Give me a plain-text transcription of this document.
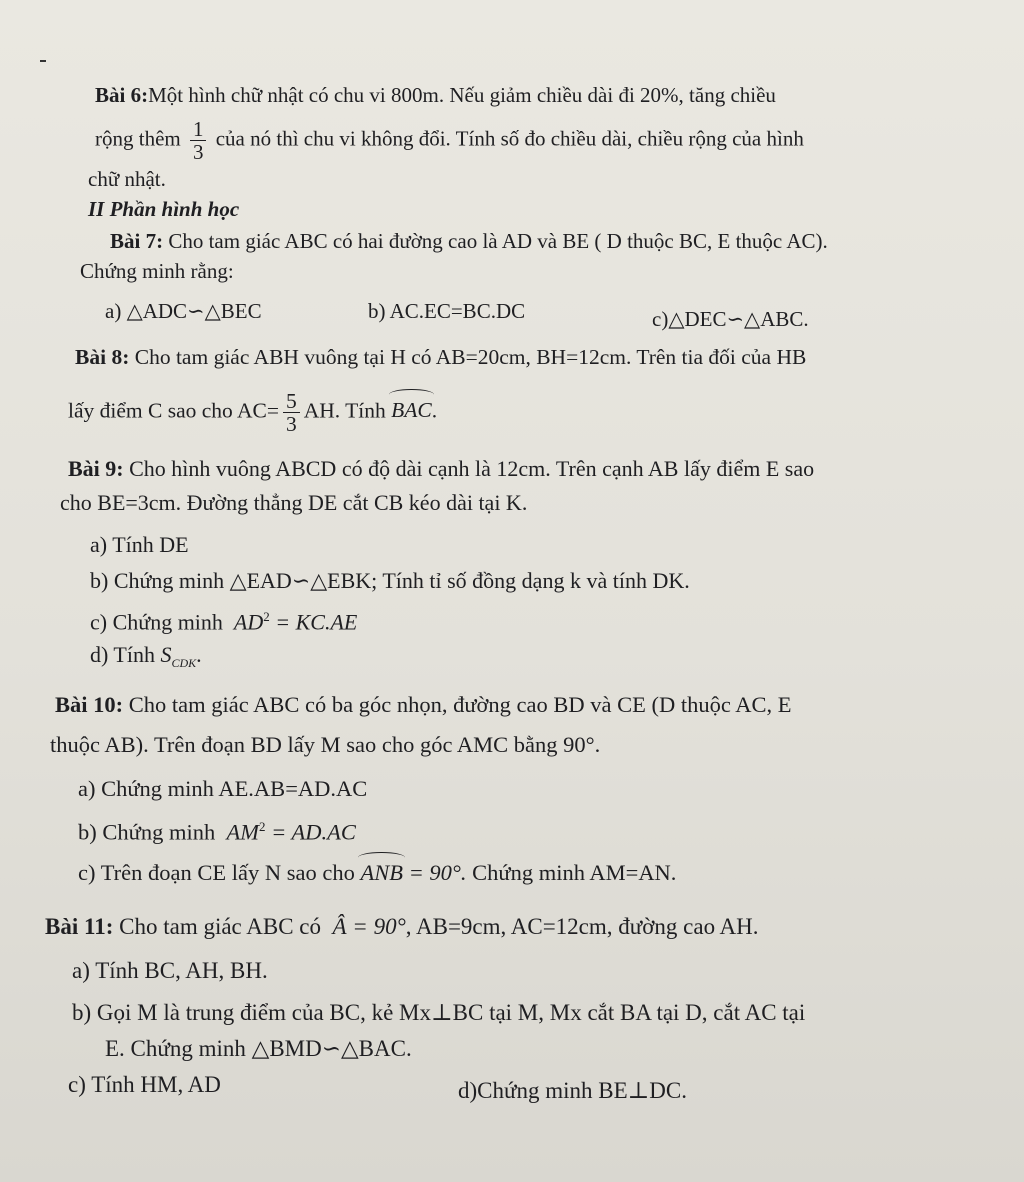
Bài 6:Một hình chữ nhật có chu vi 800m. Nếu giảm chiều dài đi 20%, tăng chiều
rộng thêm $\frac{1}{3}$ của nó thì chu vi không đổi. Tính số đo chiều dài, chiều rộng của hình
chữ nhật.
II Phần hình học
Bài 7: Cho tam giác ABC có hai đường cao là AD và BE ( D thuộc BC, E thuộc AC).
Chứng minh rằng:
a) △ADC∽△BEC	b) AC.EC=BC.DC	c)△DEC∽△ABC.
Bài 8: Cho tam giác ABH vuông tại H có AB=20cm, BH=12cm. Trên tia đối của HB
lấy điểm C sao cho $AC= \frac{5}{3}$ AH. Tính BAC.
Bài 9: Cho hình vuông ABCD có độ dài cạnh là 12cm. Trên cạnh AB lấy điểm E sao
cho BE=3cm. Đường thẳng DE cắt CB kéo dài tại K.
a) Tính DE
b) Chứng minh △EAD∽△EBK; Tính tỉ số đồng dạng k và tính DK.
c) Chứng minh $AD^2 = KC.AE$
d) Tính $S_{CDK}$.
Bài 10: Cho tam giác ABC có ba góc nhọn, đường cao BD và CE (D thuộc AC, E
thuộc AB). Trên đoạn BD lấy M sao cho góc AMC bằng 90°.
a) Chứng minh AE.AB=AD.AC
b) Chứng minh $AM^2 = AD.AC$
c) Trên đoạn CE lấy N sao cho ANB = 90°. Chứng minh AM=AN.
Bài 11: Cho tam giác ABC có Â = 90°, AB=9cm, AC=12cm, đường cao AH.
a) Tính BC, AH, BH.
b) Gọi M là trung điểm của BC, kẻ Mx⊥BC tại M, Mx cắt BA tại D, cắt AC tại
E. Chứng minh △BMD∽△BAC.
c) Tính HM, AD	d)Chứng minh BE⊥DC.
